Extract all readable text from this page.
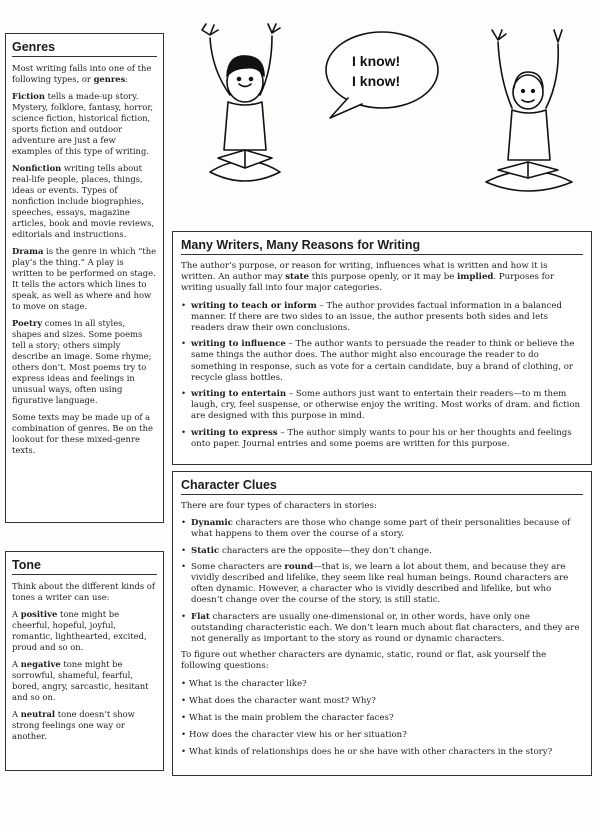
Genres

Most writing falls into one of the following types, or genres:

Fiction tells a made-up story. Mystery, folklore, fantasy, horror, science fiction, historical fiction, sports fiction and outdoor adventure are just a few examples of this type of writing.

Nonfiction writing tells about real-life people, places, things, ideas or events. Types of nonfiction include biographies, speeches, essays, magazine articles, book and movie reviews, editorials and instructions.

Drama is the genre in which “the play’s the thing.” A play is written to be performed on stage. It tells the actors which lines to speak, as well as where and how to move on stage.

Poetry comes in all styles, shapes and sizes. Some poems tell a story; others simply describe an image. Some rhyme; others don’t. Most poems try to express ideas and feelings in unusual ways, often using figurative language.

Some texts may be made up of a combination of genres. Be on the lookout for these mixed-genre texts.

Tone

Think about the different kinds of tones a writer can use:

A positive tone might be cheerful, hopeful, joyful, romantic, lighthearted, excited, proud and so on.

A negative tone might be sorrowful, shameful, fearful, bored, angry, sarcastic, hesitant and so on.

A neutral tone doesn’t show strong feelings one way or another.

I know!
I know!
Many Writers, Many Reasons for Writing

The author’s purpose, or reason for writing, influences what is written and how it is written. An author may state this purpose openly, or it may be implied. Purposes for writing usually fall into four major categories.

• writing to teach or inform – The author provides factual information in a balanced manner. If there are two sides to an issue, the author presents both sides and lets readers draw their own conclusions.
• writing to influence – The author wants to persuade the reader to think or believe the same things the author does. The author might also encourage the reader to do something in response, such as vote for a certain candidate, buy a brand of clothing, or recycle glass bottles.
• writing to entertain – Some authors just want to entertain their readers—to m them laugh, cry, feel suspense, or otherwise enjoy the writing. Most works of dram. and fiction are designed with this purpose in mind.
• writing to express – The author simply wants to pour his or her thoughts and feelings onto paper. Journal entries and some poems are written for this purpose.
Character Clues

There are four types of characters in stories:

• Dynamic characters are those who change some part of their personalities because of what happens to them over the course of a story.
• Static characters are the opposite—they don’t change.
• Some characters are round—that is, we learn a lot about them, and because they are vividly described and lifelike, they seem like real human beings. Round characters are often dynamic. However, a character who is vividly described and lifelike, but who doesn’t change over the course of the story, is still static.
• Flat characters are usually one-dimensional or, in other words, have only one outstanding characteristic each. We don’t learn much about flat characters, and they are not generally as important to the story as round or dynamic characters.

To figure out whether characters are dynamic, static, round or flat, ask yourself the following questions:

• What is the character like?
• What does the character want most? Why?
• What is the main problem the character faces?
• How does the character view his or her situation?
• What kinds of relationships does he or she have with other characters in the story?
